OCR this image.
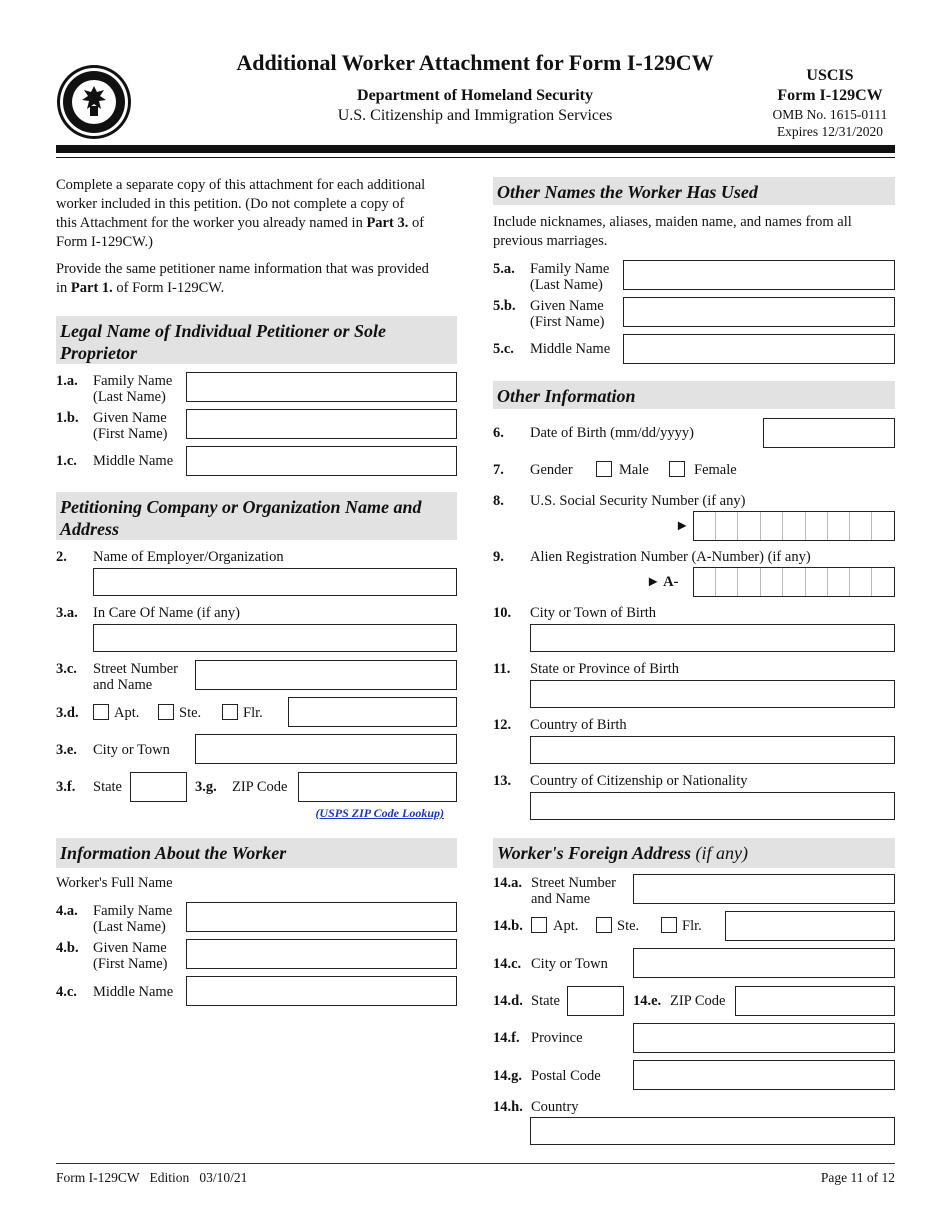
Additional Worker Attachment for Form I-129CW
Department of Homeland Security
U.S. Citizenship and Immigration Services
USCIS
Form I-129CW
OMB No. 1615-0111
Expires 12/31/2020

Complete a separate copy of this attachment for each additional

worker included in this petition. (Do not complete a copy of

this Attachment for the worker you already named in Part 3. of

Form I-129CW.)

Provide the same petitioner name information that was provided

in Part 1. of Form I-129CW.

Legal Name of Individual Petitioner or Sole
Proprietor
1.a. Family Name
(Last Name)
1.b. Given Name
(First Name)
1.c. Middle Name
Petitioning Company or Organization Name and
Address
2. Name of Employer/Organization
3.a. In Care Of Name (if any)
3.c. Street Number
and Name
3.d. Apt.	Ste.	Flr.
3.e. City or Town
3.f. State	3.g. ZIP Code
(USPS ZIP Code Lookup)
Information About the Worker
Worker's Full Name
4.a. Family Name
(Last Name)
4.b. Given Name
(First Name)
4.c. Middle Name
Other Names the Worker Has Used

Include nicknames, aliases, maiden name, and names from all

previous marriages.

5.a. Family Name
(Last Name)
5.b. Given Name
(First Name)
5.c. Middle Name
Other Information
6. Date of Birth (mm/dd/yyyy)
7. Gender	Male	Female
8. U.S. Social Security Number (if any)
►
9. Alien Registration Number (A-Number) (if any)
► A-
10. City or Town of Birth
11. State or Province of Birth
12. Country of Birth
13. Country of Citizenship or Nationality
Worker's Foreign Address (if any)
14.a. Street Number
and Name
14.b. Apt.	Ste.	Flr.
14.c. City or Town
14.d. State	14.e. ZIP Code
14.f. Province
14.g. Postal Code
14.h. Country
Form I-129CW   Edition   03/10/21	Page 11 of 12
